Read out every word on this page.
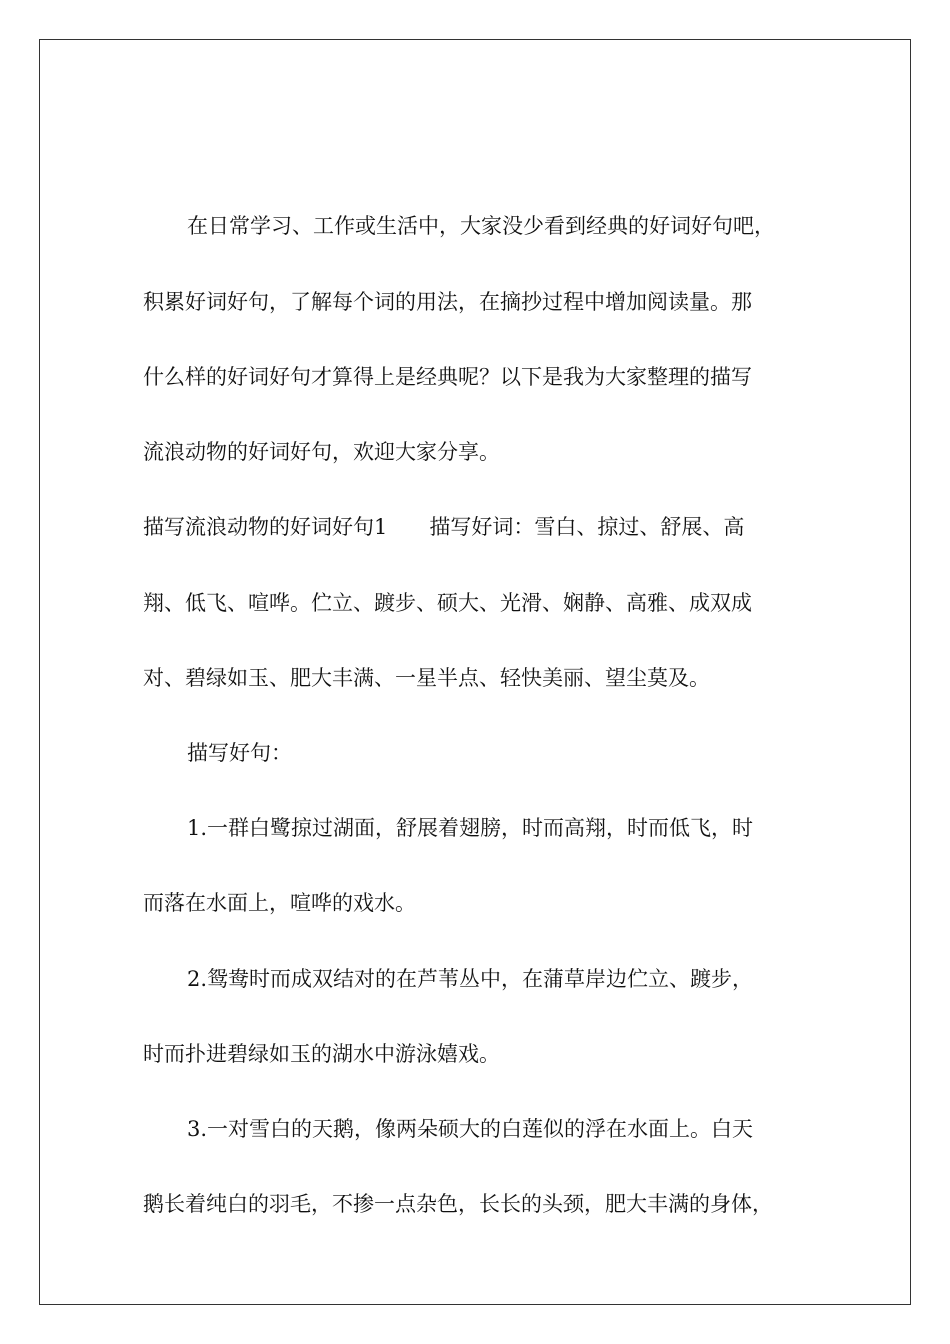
在日常学习、工作或生活中，大家没少看到经典的好词好句吧，
积累好词好句，了解每个词的用法，在摘抄过程中增加阅读量。那
什么样的好词好句才算得上是经典呢？以下是我为大家整理的描写
流浪动物的好词好句，欢迎大家分享。
描写流浪动物的好词好句1　　描写好词：雪白、掠过、舒展、高
翔、低飞、喧哗。伫立、踱步、硕大、光滑、娴静、高雅、成双成
对、碧绿如玉、肥大丰满、一星半点、轻快美丽、望尘莫及。
描写好句：
1.一群白鹭掠过湖面，舒展着翅膀，时而高翔，时而低飞，时
而落在水面上，喧哗的戏水。
2.鸳鸯时而成双结对的在芦苇丛中，在蒲草岸边伫立、踱步，
时而扑进碧绿如玉的湖水中游泳嬉戏。
3.一对雪白的天鹅，像两朵硕大的白莲似的浮在水面上。白天
鹅长着纯白的羽毛，不掺一点杂色，长长的头颈，肥大丰满的身体，
